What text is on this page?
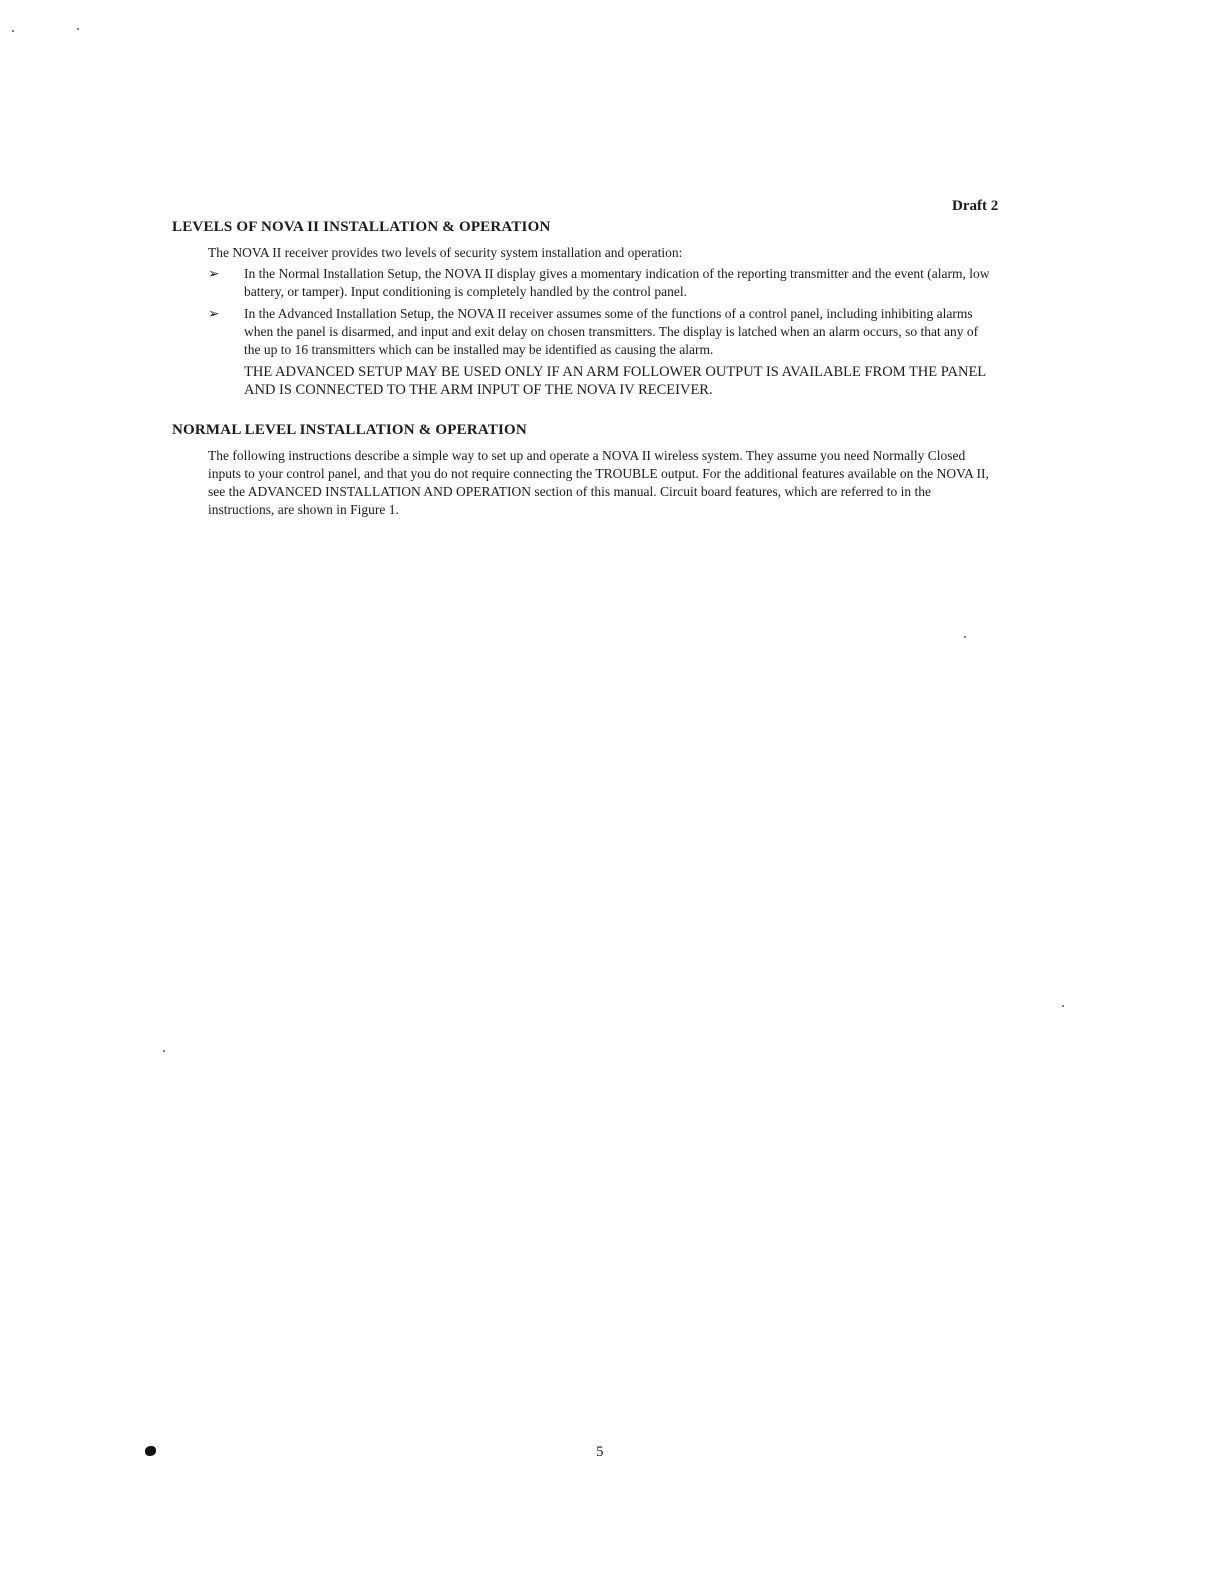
Draft 2
LEVELS OF NOVA II INSTALLATION & OPERATION
The NOVA II receiver provides two levels of security system installation and operation:
➢	In the Normal Installation Setup, the NOVA II display gives a momentary indication of the reporting transmitter and the event (alarm, low battery, or tamper). Input conditioning is completely handled by the control panel.
➢	In the Advanced Installation Setup, the NOVA II receiver assumes some of the functions of a control panel, including inhibiting alarms when the panel is disarmed, and input and exit delay on chosen transmitters. The display is latched when an alarm occurs, so that any of the up to 16 transmitters which can be installed may be identified as causing the alarm.
THE ADVANCED SETUP MAY BE USED ONLY IF AN ARM FOLLOWER OUTPUT IS AVAILABLE FROM THE PANEL AND IS CONNECTED TO THE ARM INPUT OF THE NOVA IV RECEIVER.
NORMAL LEVEL INSTALLATION & OPERATION
The following instructions describe a simple way to set up and operate a NOVA II wireless system. They assume you need Normally Closed inputs to your control panel, and that you do not require connecting the TROUBLE output. For the additional features available on the NOVA II, see the ADVANCED INSTALLATION AND OPERATION section of this manual. Circuit board features, which are referred to in the instructions, are shown in Figure 1.
5
